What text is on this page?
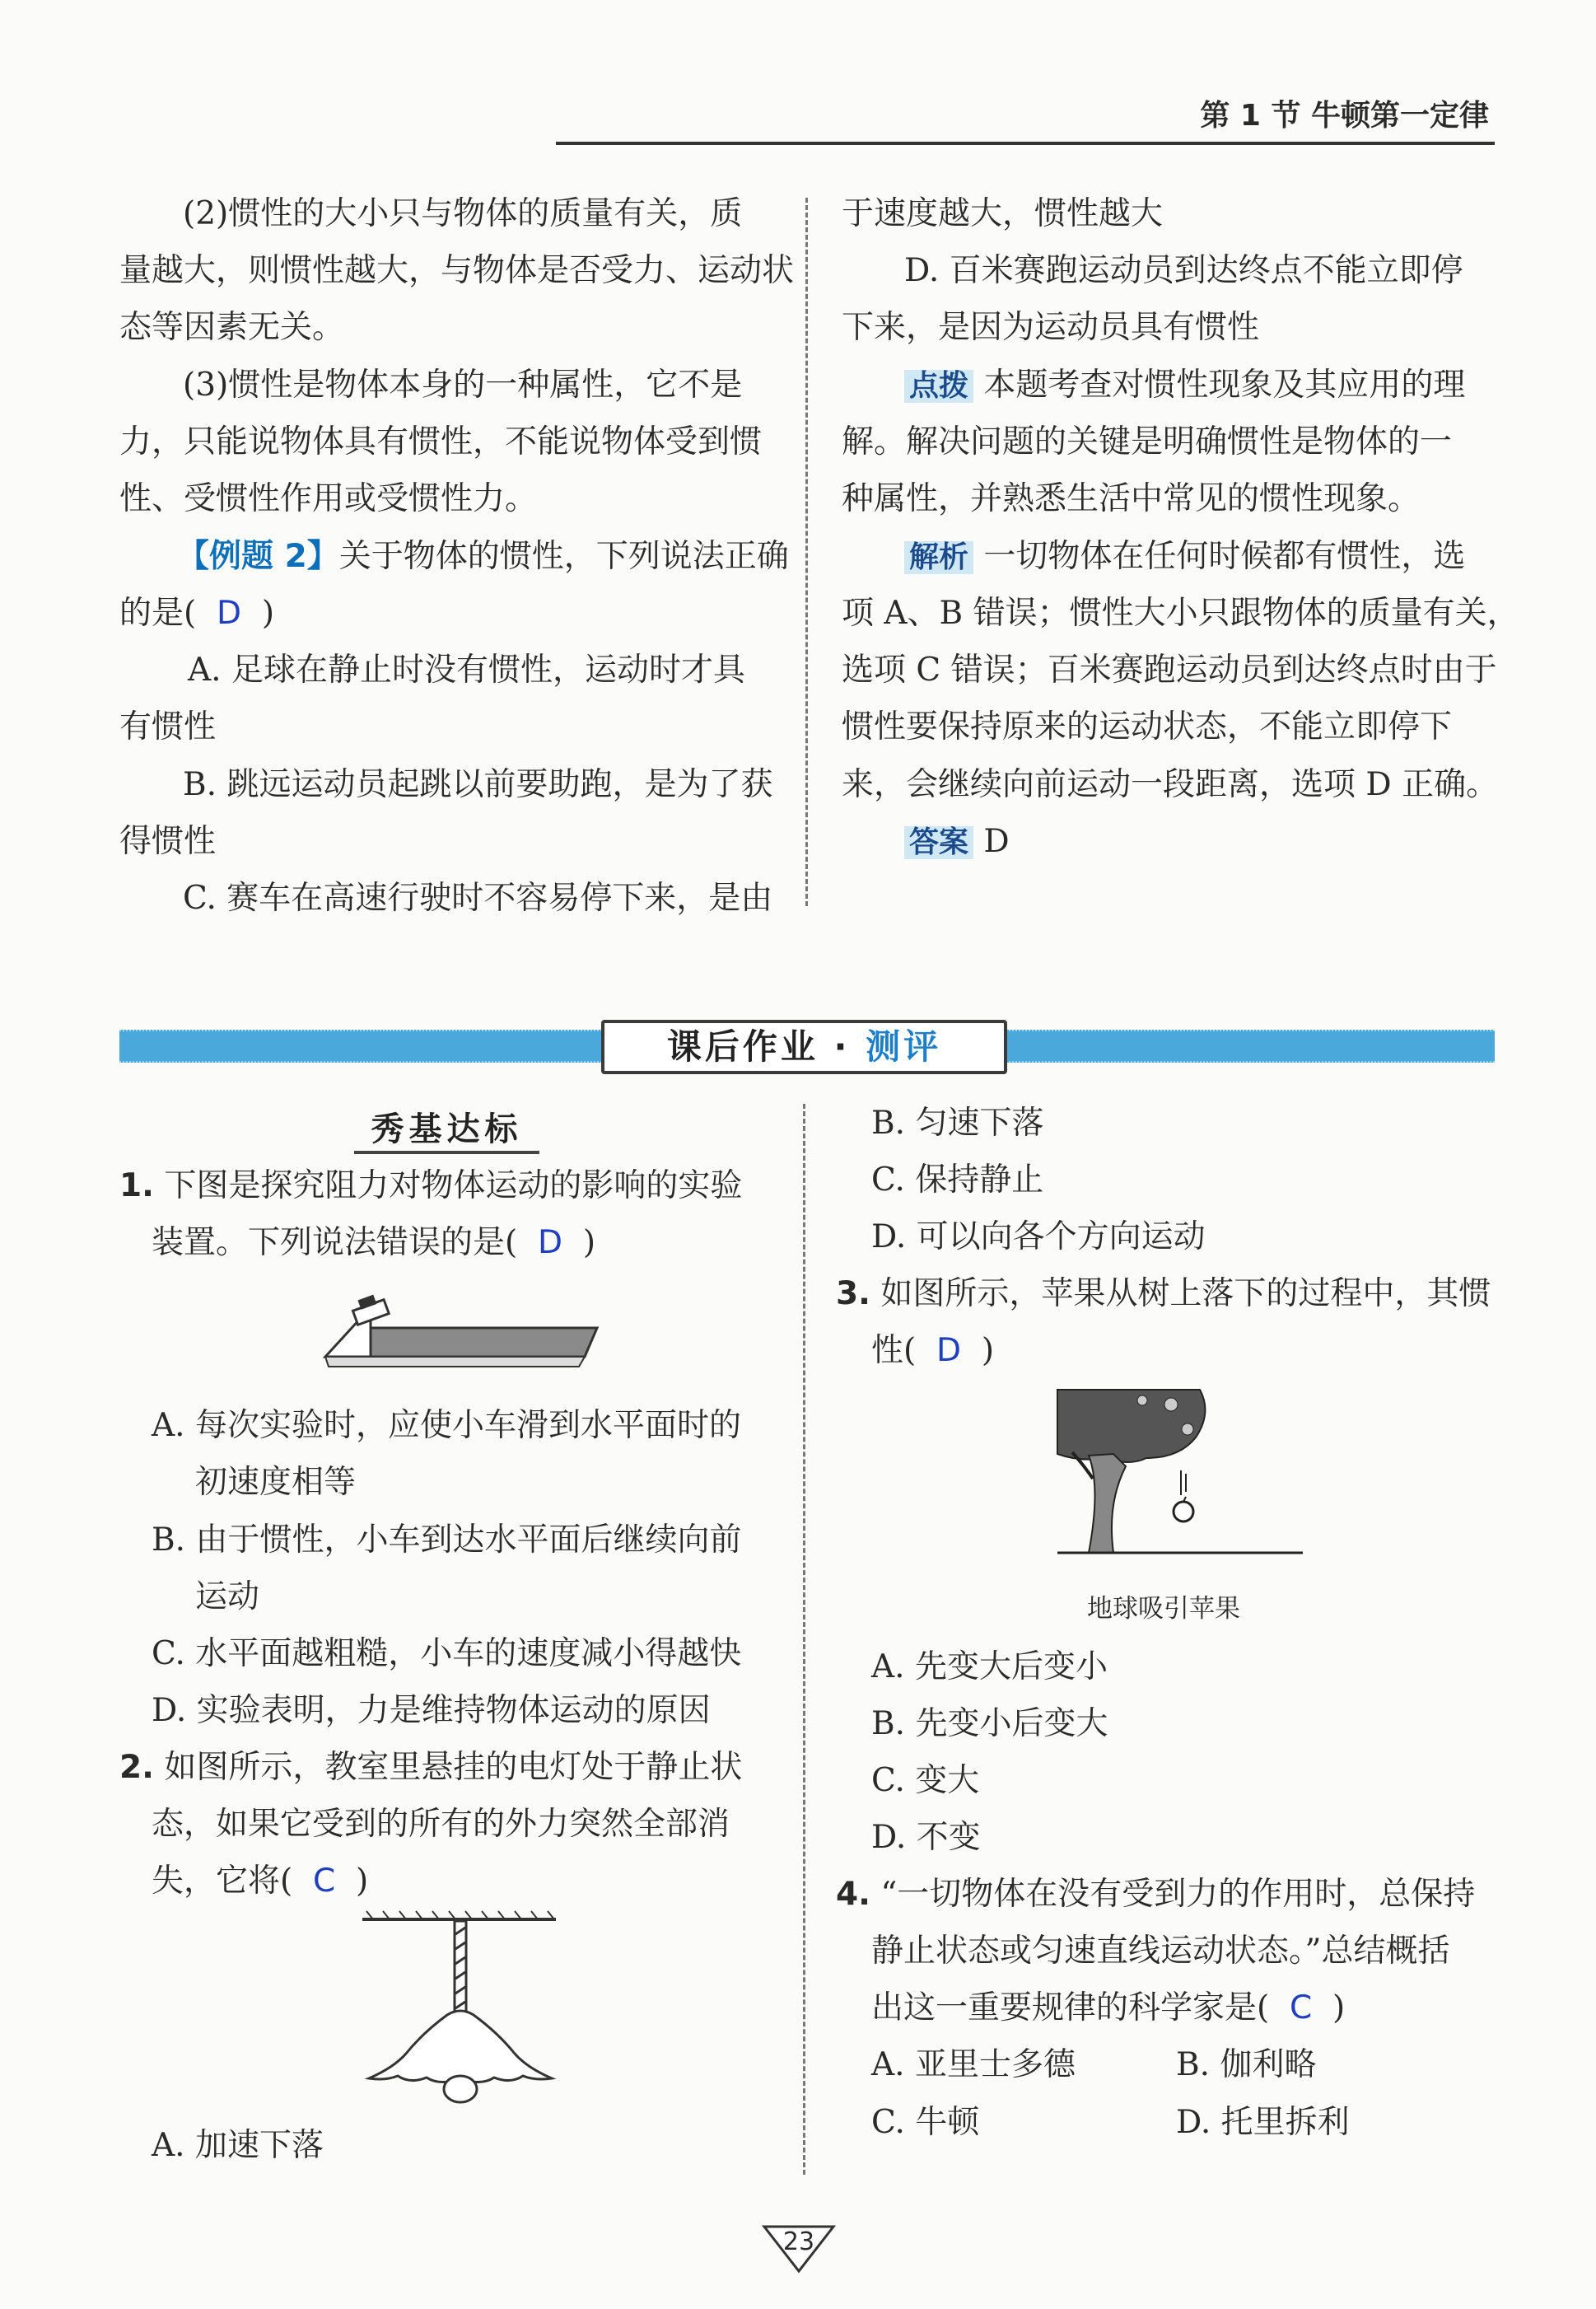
第 1 节 牛顿第一定律
(2)惯性的大小只与物体的质量有关，质
量越大，则惯性越大，与物体是否受力、运动状
态等因素无关。
(3)惯性是物体本身的一种属性，它不是
力，只能说物体具有惯性，不能说物体受到惯
性、受惯性作用或受惯性力。
【例题 2】关于物体的惯性，下列说法正确
的是( D )
A. 足球在静止时没有惯性，运动时才具
有惯性
B. 跳远运动员起跳以前要助跑，是为了获
得惯性
C. 赛车在高速行驶时不容易停下来，是由
于速度越大，惯性越大
D. 百米赛跑运动员到达终点不能立即停
下来，是因为运动员具有惯性
点拨 本题考查对惯性现象及其应用的理
解。解决问题的关键是明确惯性是物体的一
种属性，并熟悉生活中常见的惯性现象。
解析 一切物体在任何时候都有惯性，选
项 A、B 错误；惯性大小只跟物体的质量有关，
选项 C 错误；百米赛跑运动员到达终点时由于
惯性要保持原来的运动状态，不能立即停下
来，会继续向前运动一段距离，选项 D 正确。
答案 D
课后作业 · 测评
秀基达标
1. 下图是探究阻力对物体运动的影响的实验
装置。下列说法错误的是( D )
A. 每次实验时，应使小车滑到水平面时的
初速度相等
B. 由于惯性，小车到达水平面后继续向前
运动
C. 水平面越粗糙，小车的速度减小得越快
D. 实验表明，力是维持物体运动的原因
2. 如图所示，教室里悬挂的电灯处于静止状
态，如果它受到的所有的外力突然全部消
失，它将( C )
A. 加速下落
B. 匀速下落
C. 保持静止
D. 可以向各个方向运动
3. 如图所示，苹果从树上落下的过程中，其惯
性( D )
地球吸引苹果
A. 先变大后变小
B. 先变小后变大
C. 变大
D. 不变
4. “一切物体在没有受到力的作用时，总保持
静止状态或匀速直线运动状态。”总结概括
出这一重要规律的科学家是( C )
A. 亚里士多德	B. 伽利略
C. 牛顿	D. 托里拆利
23
